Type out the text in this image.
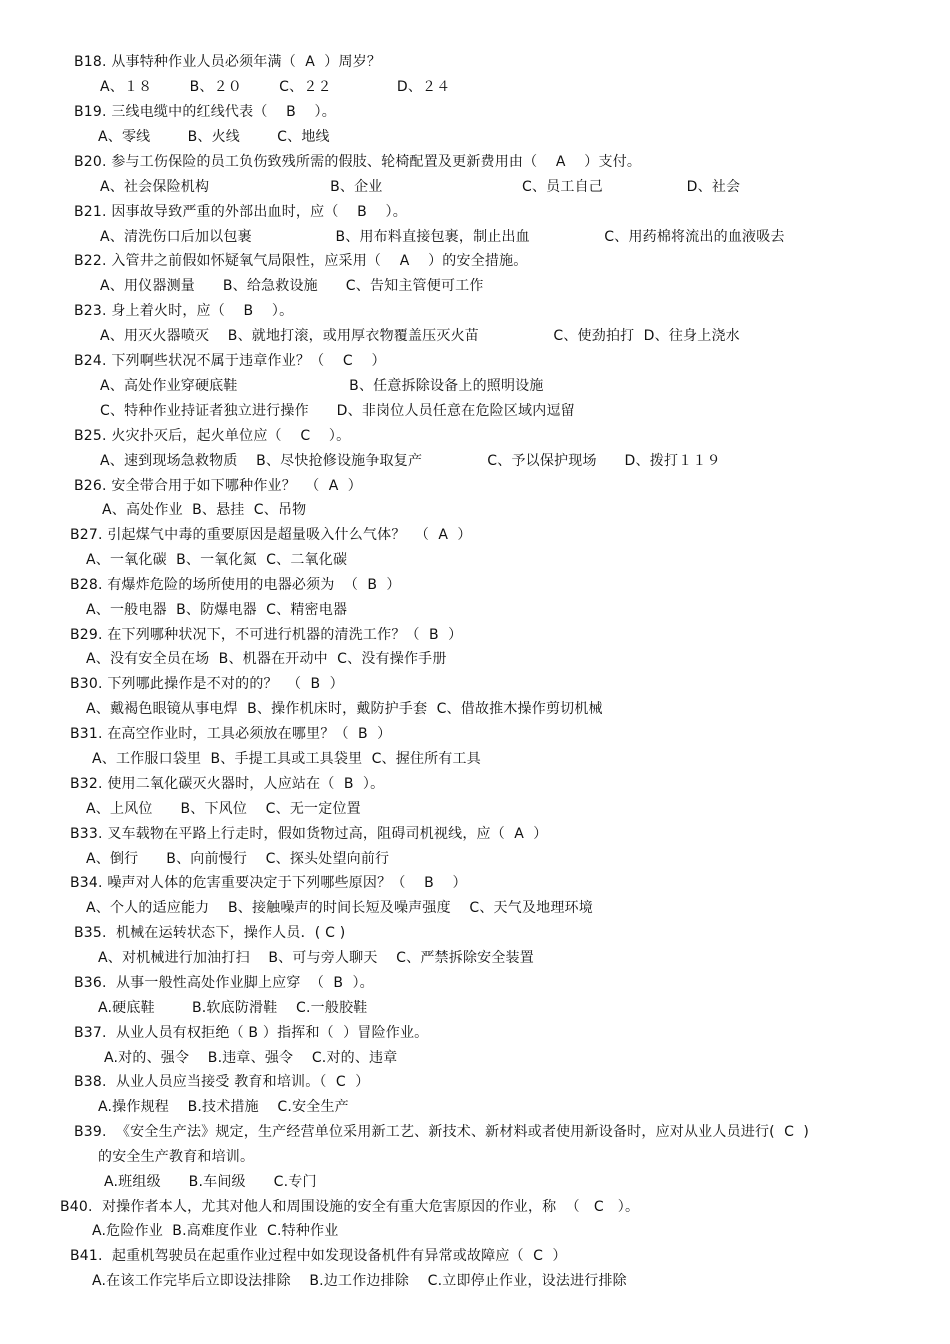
B18. 从事特种作业人员必须年满（  A  ）周岁？
A、１８        B、２０        C、２２              D、２４
B19. 三线电缆中的红线代表（    B    ）。
A、零线        B、火线        C、地线
B20. 参与工伤保险的员工负伤致残所需的假肢、轮椅配置及更新费用由（    A    ）支付。
A、社会保险机构                          B、企业                              C、员工自己                  D、社会
B21. 因事故导致严重的外部出血时，应（    B    ）。
A、清洗伤口后加以包裹                  B、用布料直接包裹，制止出血                C、用药棉将流出的血液吸去
B22. 入管井之前假如怀疑氧气局限性，应采用（    A    ）的安全措施。
A、用仪器测量      B、给急救设施      C、告知主管便可工作
B23. 身上着火时，应（    B    ）。
A、用灭火器喷灭    B、就地打滚，或用厚衣物覆盖压灭火苗                C、使劲拍打  D、往身上浇水
B24. 下列啊些状况不属于违章作业？（    C    ）
A、高处作业穿硬底鞋                        B、任意拆除设备上的照明设施
C、特种作业持证者独立进行操作      D、非岗位人员任意在危险区域内逗留
B25. 火灾扑灭后，起火单位应（    C    ）。
A、速到现场急救物质    B、尽快抢修设施争取复产              C、予以保护现场      D、拨打１１９
B26. 安全带合用于如下哪种作业？  （  A  ）
A、高处作业  B、悬挂  C、吊物
B27. 引起煤气中毒的重要原因是超量吸入什么气体？  （  A  ）
A、一氧化碳  B、一氧化氮  C、二氧化碳
B28. 有爆炸危险的场所使用的电器必须为  （  B  ）
A、一般电器  B、防爆电器  C、精密电器
B29. 在下列哪种状况下，不可进行机器的清洗工作？（  B  ）
A、没有安全员在场  B、机器在开动中  C、没有操作手册
B30. 下列哪此操作是不对的的？  （  B  ）
A、戴褐色眼镜从事电焊  B、操作机床时，戴防护手套  C、借故推木操作剪切机械
B31. 在高空作业时，工具必须放在哪里？（  B  ）
A、工作服口袋里  B、手提工具或工具袋里  C、握住所有工具
B32. 使用二氧化碳灭火器时，人应站在（  B  ）。
A、上风位      B、下风位    C、无一定位置
B33. 叉车载物在平路上行走时，假如货物过高，阻碍司机视线，应（  A  ）
A、倒行      B、向前慢行    C、探头处望向前行
B34. 噪声对人体的危害重要决定于下列哪些原因？（    B    ）
A、个人的适应能力    B、接触噪声的时间长短及噪声强度    C、天气及地理环境
B35.  机械在运转状态下，操作人员．( C )
A、对机械进行加油打扫    B、可与旁人聊天    C、严禁拆除安全装置
B36.  从事一般性高处作业脚上应穿  （  B  ）。
A.硬底鞋        B.软底防滑鞋    C.一般胶鞋
B37.  从业人员有权拒绝（ B ）指挥和（  ）冒险作业。
A.对的、强令    B.违章、强令    C.对的、违章
B38.  从业人员应当接受 教育和培训。（  C  ）
A.操作规程    B.技术措施    C.安全生产
B39.  《安全生产法》规定，生产经营单位采用新工艺、新技术、新材料或者使用新设备时，应对从业人员进行(  C  )
的安全生产教育和培训。
A.班组级      B.车间级      C.专门
B40.  对操作者本人，尤其对他人和周围设施的安全有重大危害原因的作业，称  （   C   ）。
A.危险作业  B.高难度作业  C.特种作业
B41.  起重机驾驶员在起重作业过程中如发现设备机件有异常或故障应（  C  ）
A.在该工作完毕后立即设法排除    B.边工作边排除    C.立即停止作业，设法进行排除
